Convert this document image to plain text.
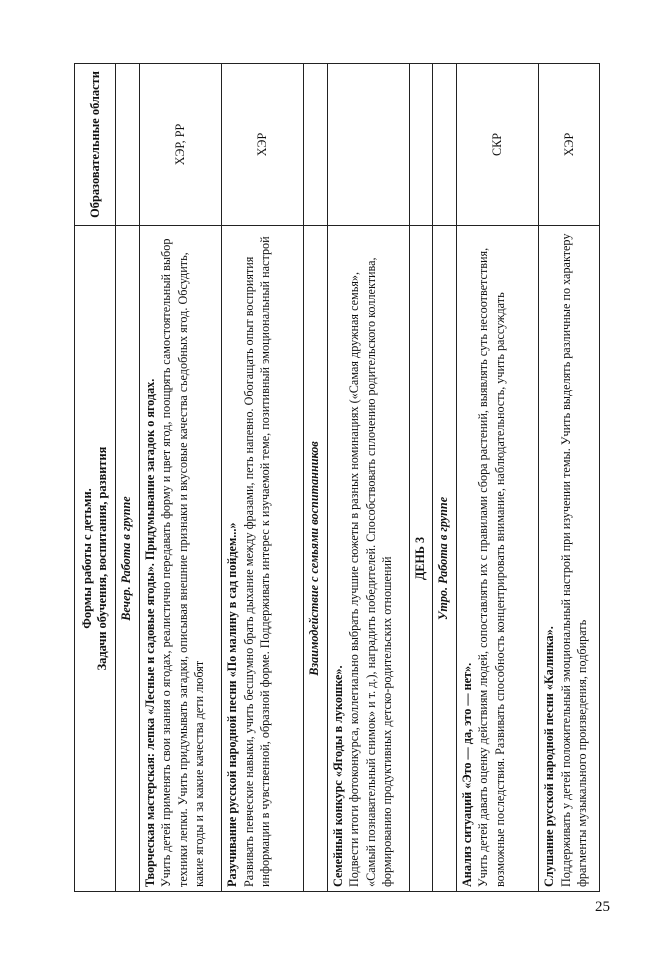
Формы работы с детьми. Задачи обучения, воспитания, развития	Образовательные области
Вечер. Работа в группе	
Творческая мастерская: лепка «Лесные и садовые ягоды». Придумывание загадок о ягодах. Учить детей применять свои знания о ягодах, реалистично передавать форму и цвет ягод, поощрять самостоятельный выбор техники лепки. Учить придумывать загадки, описывая внешние признаки и вкусовые качества съедобных ягод. Обсудить, какие ягоды и за какие качества дети любят	ХЭР, РР
Разучивание русской народной песни «По малину в сад пойдем...» Развивать певческие навыки, учить бесшумно брать дыхание между фразами, петь напевно. Обогащать опыт восприятия информации в чувственной, образной форме. Поддерживать интерес к изучаемой теме, позитивный эмоциональный настрой	ХЭР
Взаимодействие с семьями воспитанников	
Семейный конкурс «Ягоды в лукошке». Подвести итоги фотоконкурса, коллегиально выбрать лучшие сюжеты в разных номинациях («Самая дружная семья», «Самый познавательный снимок» и т. д.), наградить победителей. Способствовать сплочению родительского коллектива, формированию продуктивных детско-родительских отношений	
ДЕНЬ 3	
Утро. Работа в группе	
Анализ ситуаций «Это — да, это — нет». Учить детей давать оценку действиям людей, сопоставлять их с правилами сбора растений, выявлять суть несоответствия, возможные последствия. Развивать способность концентрировать внимание, наблюдательность, учить рассуждать	СКР
Слушание русской народной песни «Калинка». Поддерживать у детей положительный эмоциональный настрой при изучении темы. Учить выделять различные по характеру фрагменты музыкального произведения, подбирать	ХЭР
25
